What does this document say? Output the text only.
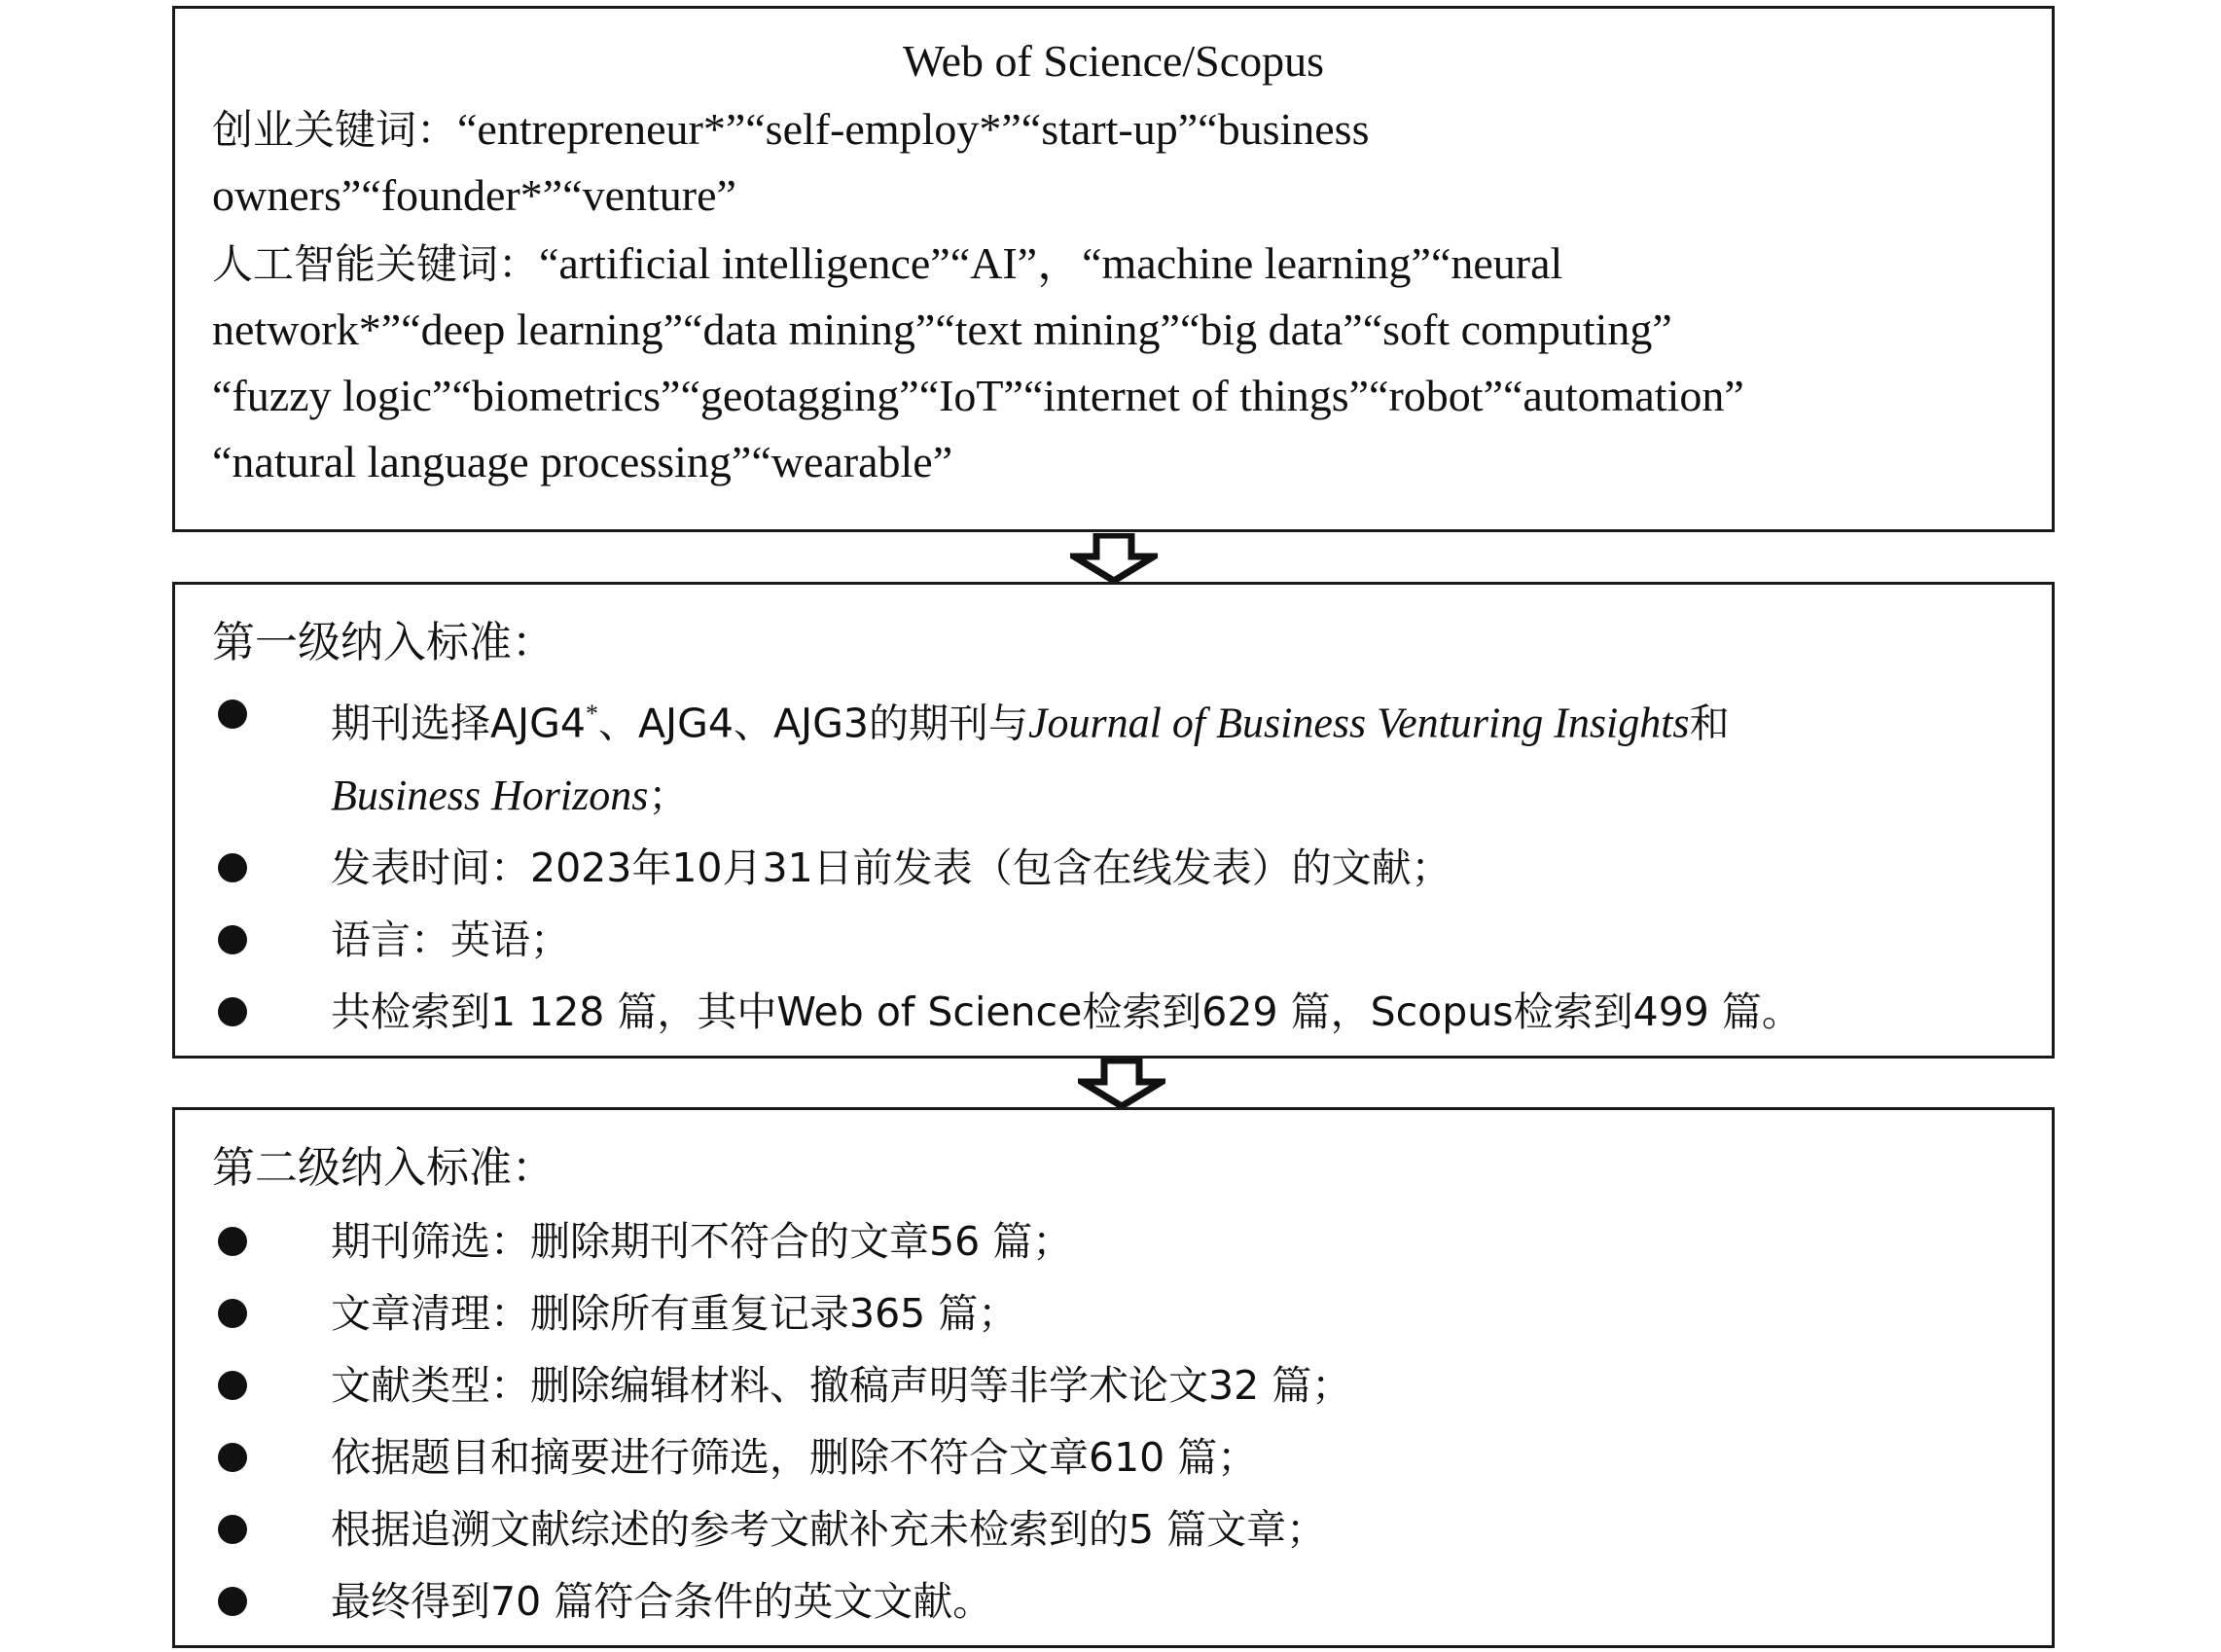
Web of Science/Scopus
创业关键词：“entrepreneur*”“self-employ*”“start-up”“business
owners”“founder*”“venture”
人工智能关键词：“artificial intelligence”“AI”，“machine learning”“neural
network*”“deep learning”“data mining”“text mining”“big data”“soft computing”
“fuzzy logic”“biometrics”“geotagging”“IoT”“internet of things”“robot”“automation”
“natural language processing”“wearable”
第一级纳入标准：
期刊选择AJG4*、AJG4、AJG3的期刊与Journal of Business Venturing Insights和
Business Horizons；
发表时间：2023年10月31日前发表（包含在线发表）的文献；
语言：英语；
共检索到1 128 篇，其中Web of Science检索到629 篇，Scopus检索到499 篇。
第二级纳入标准：
期刊筛选：删除期刊不符合的文章56 篇；
文章清理：删除所有重复记录365 篇；
文献类型：删除编辑材料、撤稿声明等非学术论文32 篇；
依据题目和摘要进行筛选，删除不符合文章610 篇；
根据追溯文献综述的参考文献补充未检索到的5 篇文章；
最终得到70 篇符合条件的英文文献。
